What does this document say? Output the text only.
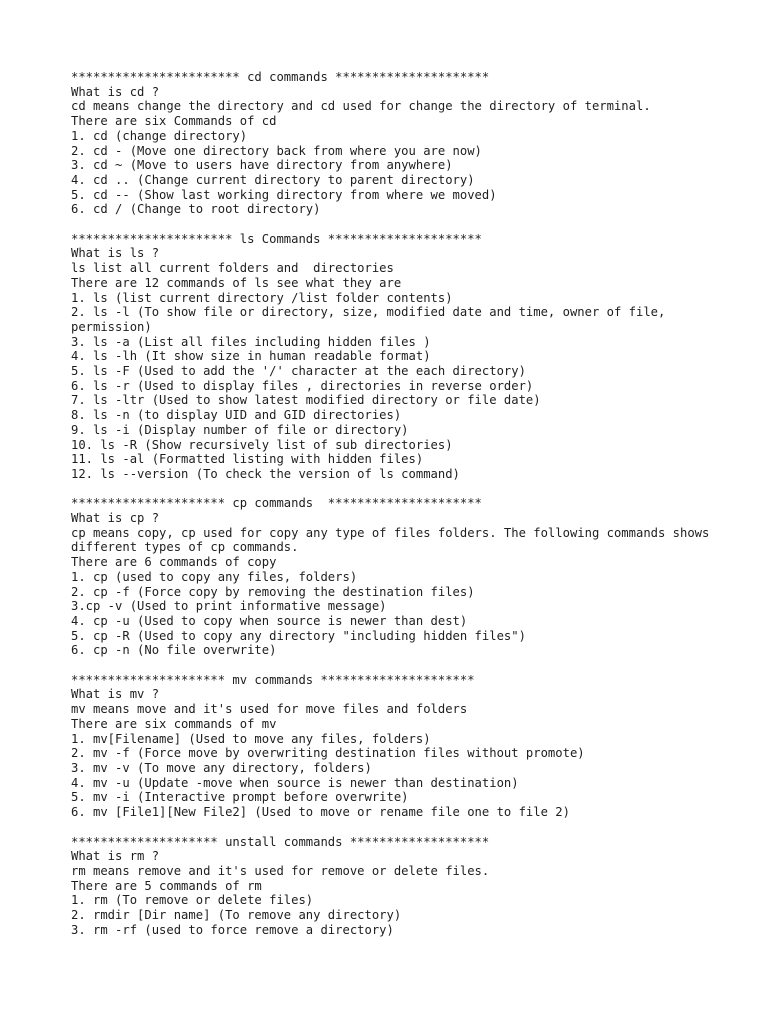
*********************** cd commands *********************
What is cd ?
cd means change the directory and cd used for change the directory of terminal.
There are six Commands of cd
1. cd (change directory)
2. cd - (Move one directory back from where you are now)
3. cd ~ (Move to users have directory from anywhere)
4. cd .. (Change current directory to parent directory)
5. cd -- (Show last working directory from where we moved)
6. cd / (Change to root directory)
********************** ls Commands *********************
What is ls ?
ls list all current folders and  directories
There are 12 commands of ls see what they are
1. ls (list current directory /list folder contents)
2. ls -l (To show file or directory, size, modified date and time, owner of file, permission)
3. ls -a (List all files including hidden files )
4. ls -lh (It show size in human readable format)
5. ls -F (Used to add the '/' character at the each directory)
6. ls -r (Used to display files , directories in reverse order)
7. ls -ltr (Used to show latest modified directory or file date)
8. ls -n (to display UID and GID directories)
9. ls -i (Display number of file or directory)
10. ls -R (Show recursively list of sub directories)
11. ls -al (Formatted listing with hidden files)
12. ls --version (To check the version of ls command)
********************* cp commands  *********************
What is cp ?
cp means copy, cp used for copy any type of files folders. The following commands shows different types of cp commands.
There are 6 commands of copy
1. cp (used to copy any files, folders)
2. cp -f (Force copy by removing the destination files)
3.cp -v (Used to print informative message)
4. cp -u (Used to copy when source is newer than dest)
5. cp -R (Used to copy any directory "including hidden files")
6. cp -n (No file overwrite)
********************* mv commands *********************
What is mv ?
mv means move and it's used for move files and folders
There are six commands of mv
1. mv[Filename] (Used to move any files, folders)
2. mv -f (Force move by overwriting destination files without promote)
3. mv -v (To move any directory, folders)
4. mv -u (Update -move when source is newer than destination)
5. mv -i (Interactive prompt before overwrite)
6. mv [File1][New File2] (Used to move or rename file one to file 2)
******************** unstall commands *******************
What is rm ?
rm means remove and it's used for remove or delete files.
There are 5 commands of rm
1. rm (To remove or delete files)
2. rmdir [Dir name] (To remove any directory)
3. rm -rf (used to force remove a directory)
